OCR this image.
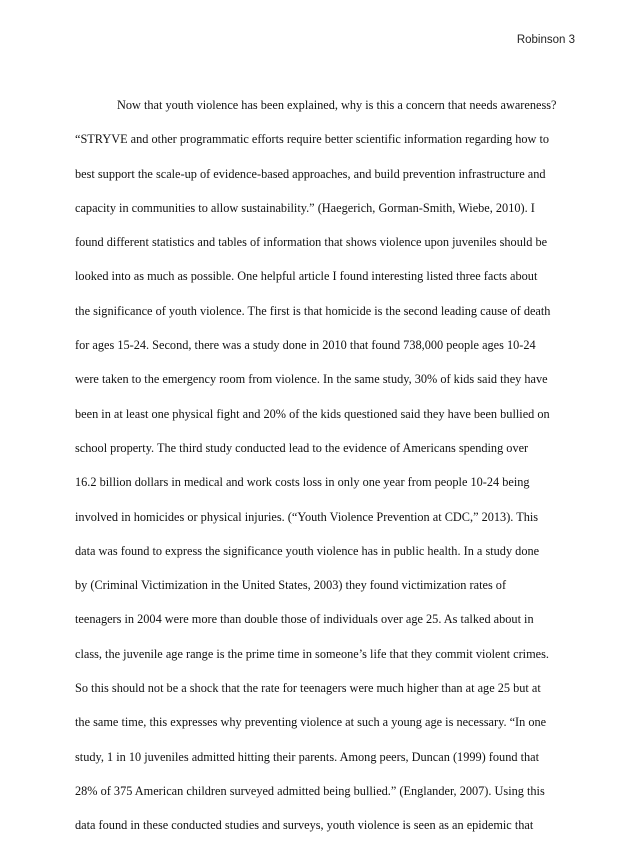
Robinson 3
Now that youth violence has been explained, why is this a concern that needs awareness?
“STRYVE and other programmatic efforts require better scientific information regarding how to
best support the scale-up of evidence-based approaches, and build prevention infrastructure and
capacity in communities to allow sustainability.” (Haegerich, Gorman-Smith, Wiebe, 2010). I
found different statistics and tables of information that shows violence upon juveniles should be
looked into as much as possible. One helpful article I found interesting listed three facts about
the significance of youth violence. The first is that homicide is the second leading cause of death
for ages 15-24. Second, there was a study done in 2010 that found 738,000 people ages 10-24
were taken to the emergency room from violence. In the same study, 30% of kids said they have
been in at least one physical fight and 20% of the kids questioned said they have been bullied on
school property. The third study conducted lead to the evidence of Americans spending over
16.2 billion dollars in medical and work costs loss in only one year from people 10-24 being
involved in homicides or physical injuries. (“Youth Violence Prevention at CDC,” 2013). This
data was found to express the significance youth violence has in public health. In a study done
by (Criminal Victimization in the United States, 2003) they found victimization rates of
teenagers in 2004 were more than double those of individuals over age 25. As talked about in
class, the juvenile age range is the prime time in someone’s life that they commit violent crimes.
So this should not be a shock that the rate for teenagers were much higher than at age 25 but at
the same time, this expresses why preventing violence at such a young age is necessary. “In one
study, 1 in 10 juveniles admitted hitting their parents. Among peers, Duncan (1999) found that
28% of 375 American children surveyed admitted being bullied.” (Englander, 2007). Using this
data found in these conducted studies and surveys, youth violence is seen as an epidemic that
